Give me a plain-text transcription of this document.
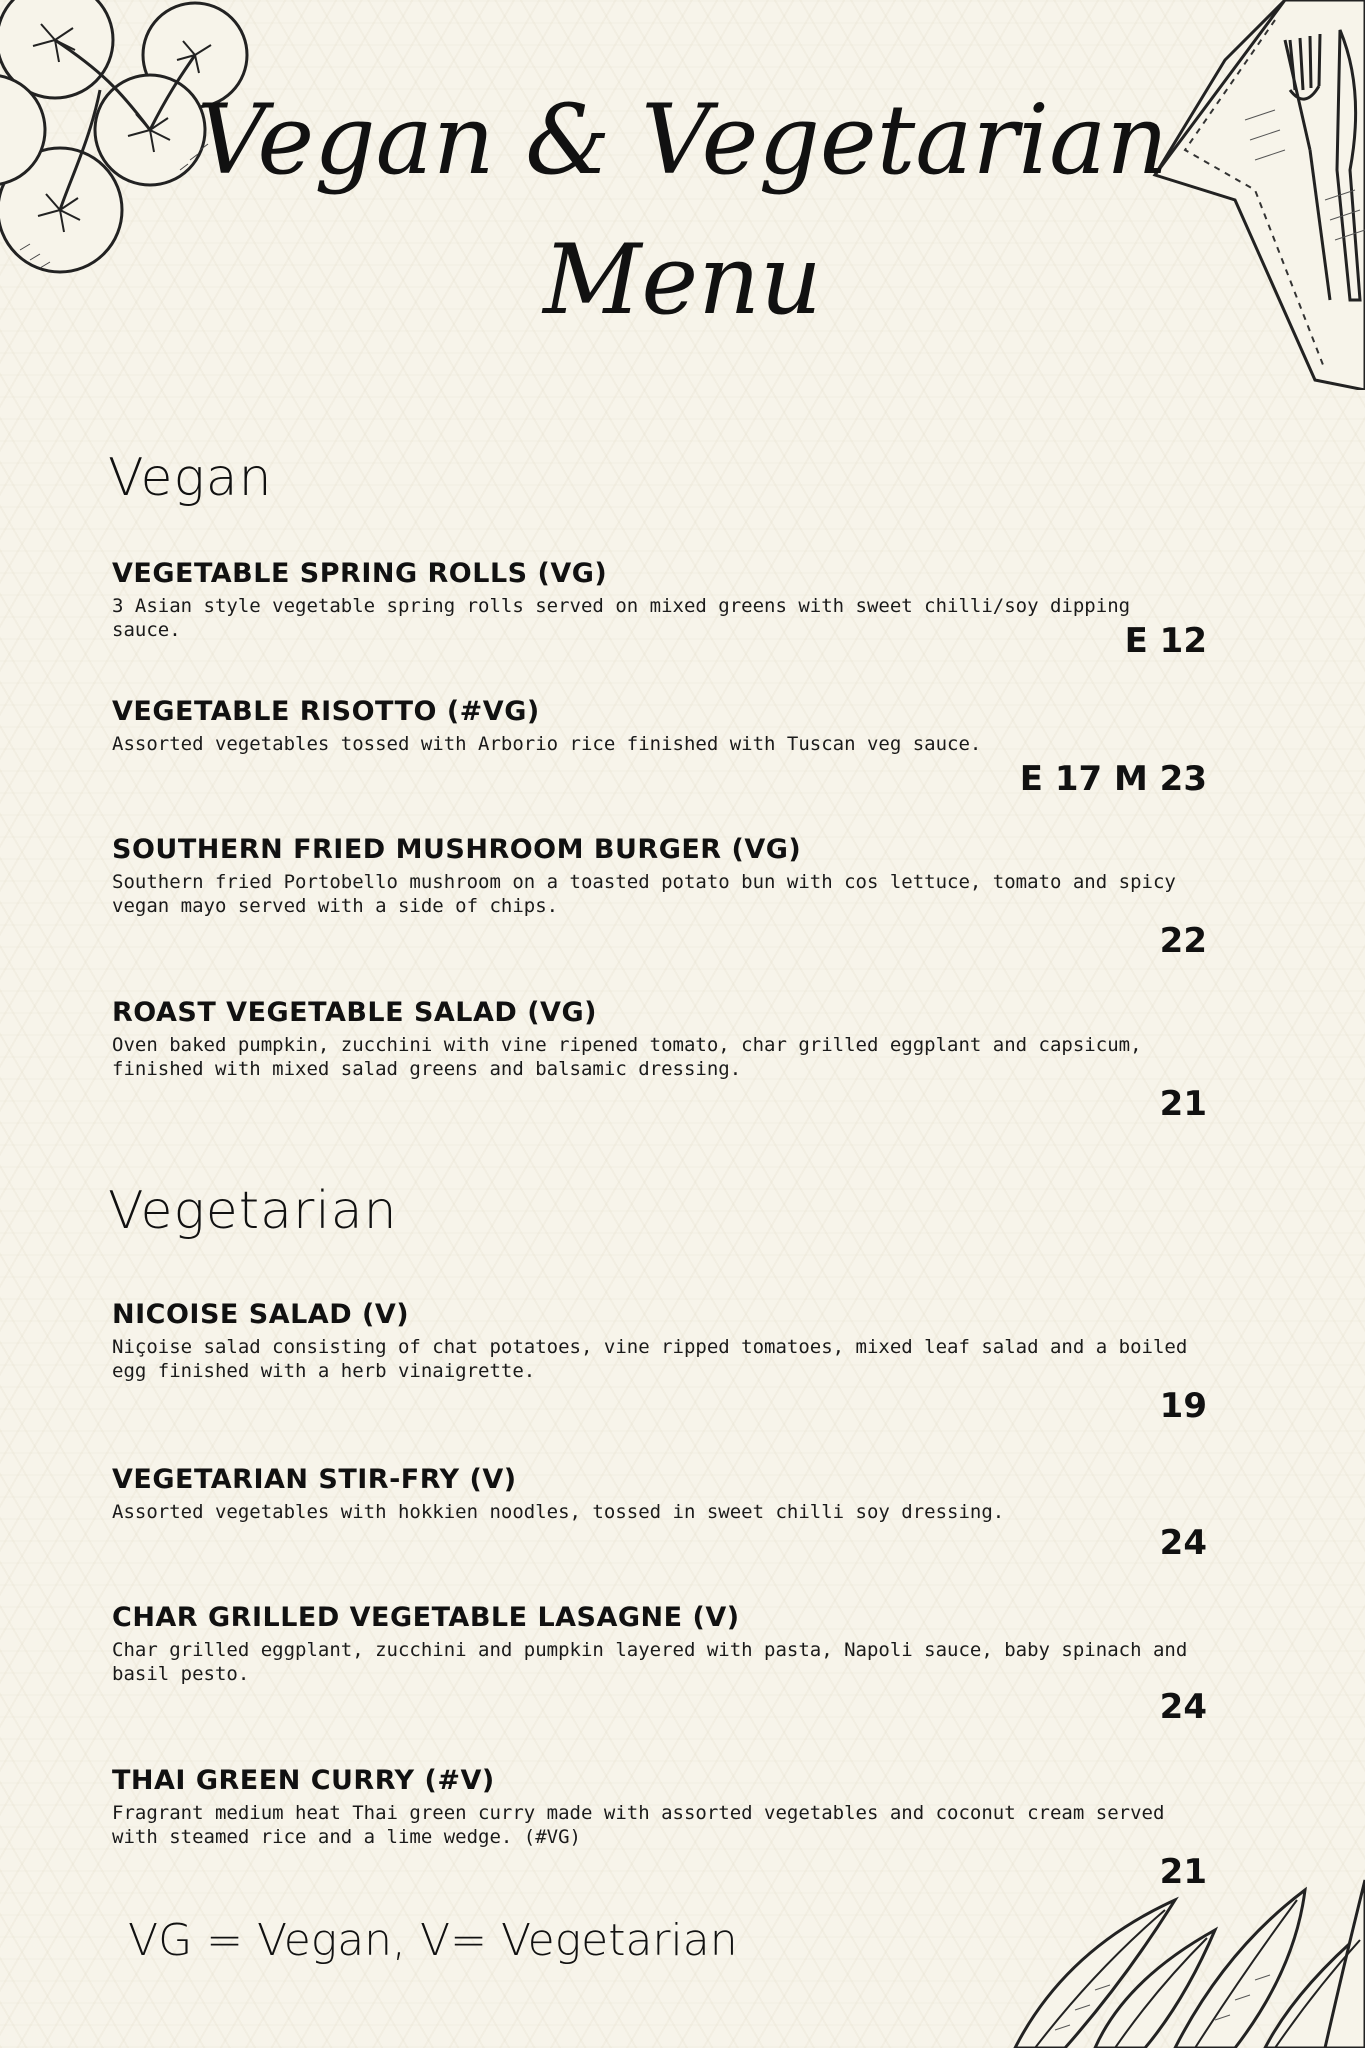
Vegan & Vegetarian
Menu
Vegan
VEGETABLE SPRING ROLLS (VG)

3 Asian style vegetable spring rolls served on mixed greens with sweet chilli/soy dipping sauce.	E 12

VEGETABLE RISOTTO (#VG)

Assorted vegetables tossed with Arborio rice finished with Tuscan veg sauce.

E 17 M 23

SOUTHERN FRIED MUSHROOM BURGER (VG)

Southern fried Portobello mushroom on a toasted potato bun with cos lettuce, tomato and spicy vegan mayo served with a side of chips.

22

ROAST VEGETABLE SALAD (VG)

Oven baked pumpkin, zucchini with vine ripened tomato, char grilled eggplant and capsicum, finished with mixed salad greens and balsamic dressing.

21

Vegetarian
NICOISE SALAD (V)

Niçoise salad consisting of chat potatoes, vine ripped tomatoes, mixed leaf salad and a boiled egg finished with a herb vinaigrette.

19

VEGETARIAN STIR-FRY (V)

Assorted vegetables with hokkien noodles, tossed in sweet chilli soy dressing.

24

CHAR GRILLED VEGETABLE LASAGNE (V)

Char grilled eggplant, zucchini and pumpkin layered with pasta, Napoli sauce, baby spinach and basil pesto.

24

THAI GREEN CURRY (#V)

Fragrant medium heat Thai green curry made with assorted vegetables and coconut cream served with steamed rice and a lime wedge. (#VG)

21

VG = Vegan, V= Vegetarian
